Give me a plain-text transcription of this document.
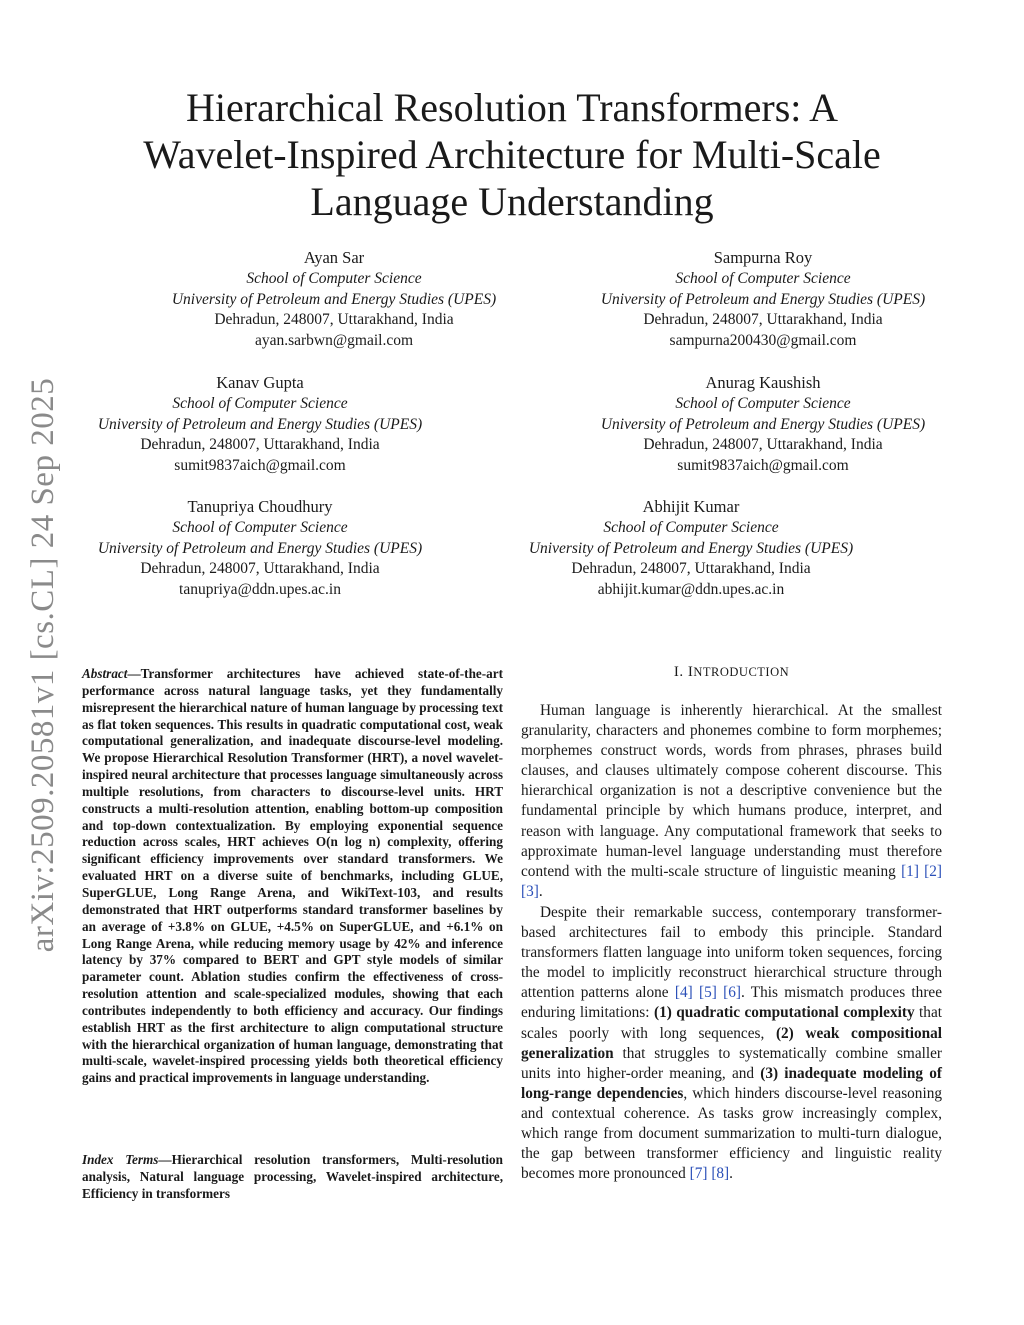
arXiv:2509.20581v1 [cs.CL] 24 Sep 2025
Hierarchical Resolution Transformers: A
Wavelet-Inspired Architecture for Multi-Scale
Language Understanding
Ayan Sar
School of Computer Science
University of Petroleum and Energy Studies (UPES)
Dehradun, 248007, Uttarakhand, India
ayan.sarbwn@gmail.com
Sampurna Roy
School of Computer Science
University of Petroleum and Energy Studies (UPES)
Dehradun, 248007, Uttarakhand, India
sampurna200430@gmail.com
Kanav Gupta
School of Computer Science
University of Petroleum and Energy Studies (UPES)
Dehradun, 248007, Uttarakhand, India
sumit9837aich@gmail.com
Anurag Kaushish
School of Computer Science
University of Petroleum and Energy Studies (UPES)
Dehradun, 248007, Uttarakhand, India
sumit9837aich@gmail.com
Tanupriya Choudhury
School of Computer Science
University of Petroleum and Energy Studies (UPES)
Dehradun, 248007, Uttarakhand, India
tanupriya@ddn.upes.ac.in
Abhijit Kumar
School of Computer Science
University of Petroleum and Energy Studies (UPES)
Dehradun, 248007, Uttarakhand, India
abhijit.kumar@ddn.upes.ac.in

Abstract—Transformer architectures have achieved state-of-the-art performance across natural language tasks, yet they fundamentally misrepresent the hierarchical nature of human language by processing text as flat token sequences. This results in quadratic computational cost, weak computational generalization, and inadequate discourse-level modeling. We propose Hierarchical Resolution Transformer (HRT), a novel wavelet-inspired neural architecture that processes language simultaneously across multiple resolutions, from characters to discourse-level units. HRT constructs a multi-resolution attention, enabling bottom-up composition and top-down contextualization. By employing exponential sequence reduction across scales, HRT achieves O(n log n) complexity, offering significant efficiency improvements over standard transformers. We evaluated HRT on a diverse suite of benchmarks, including GLUE, SuperGLUE, Long Range Arena, and WikiText-103, and results demonstrated that HRT outperforms standard transformer baselines by an average of +3.8% on GLUE, +4.5% on SuperGLUE, and +6.1% on Long Range Arena, while reducing memory usage by 42% and inference latency by 37% compared to BERT and GPT style models of similar parameter count. Ablation studies confirm the effectiveness of cross-resolution attention and scale-specialized modules, showing that each contributes independently to both efficiency and accuracy. Our findings establish HRT as the first architecture to align computational structure with the hierarchical organization of human language, demonstrating that multi-scale, wavelet-inspired processing yields both theoretical efficiency gains and practical improvements in language understanding.

Index Terms—Hierarchical resolution transformers, Multi-resolution analysis, Natural language processing, Wavelet-inspired architecture, Efficiency in transformers

I. INTRODUCTION

Human language is inherently hierarchical. At the smallest granularity, characters and phonemes combine to form morphemes; morphemes construct words, words from phrases, phrases build clauses, and clauses ultimately compose coherent discourse. This hierarchical organization is not a descriptive convenience but the fundamental principle by which humans produce, interpret, and reason with language. Any computational framework that seeks to approximate human-level language understanding must therefore contend with the multi-scale structure of linguistic meaning [1] [2] [3].

Despite their remarkable success, contemporary transformer-based architectures fail to embody this principle. Standard transformers flatten language into uniform token sequences, forcing the model to implicitly reconstruct hierarchical structure through attention patterns alone [4] [5] [6]. This mismatch produces three enduring limitations: (1) quadratic computational complexity that scales poorly with long sequences, (2) weak compositional generalization that struggles to systematically combine smaller units into higher-order meaning, and (3) inadequate modeling of long-range dependencies, which hinders discourse-level reasoning and contextual coherence. As tasks grow increasingly complex, which range from document summarization to multi-turn dialogue, the gap between transformer efficiency and linguistic reality becomes more pronounced [7] [8].
